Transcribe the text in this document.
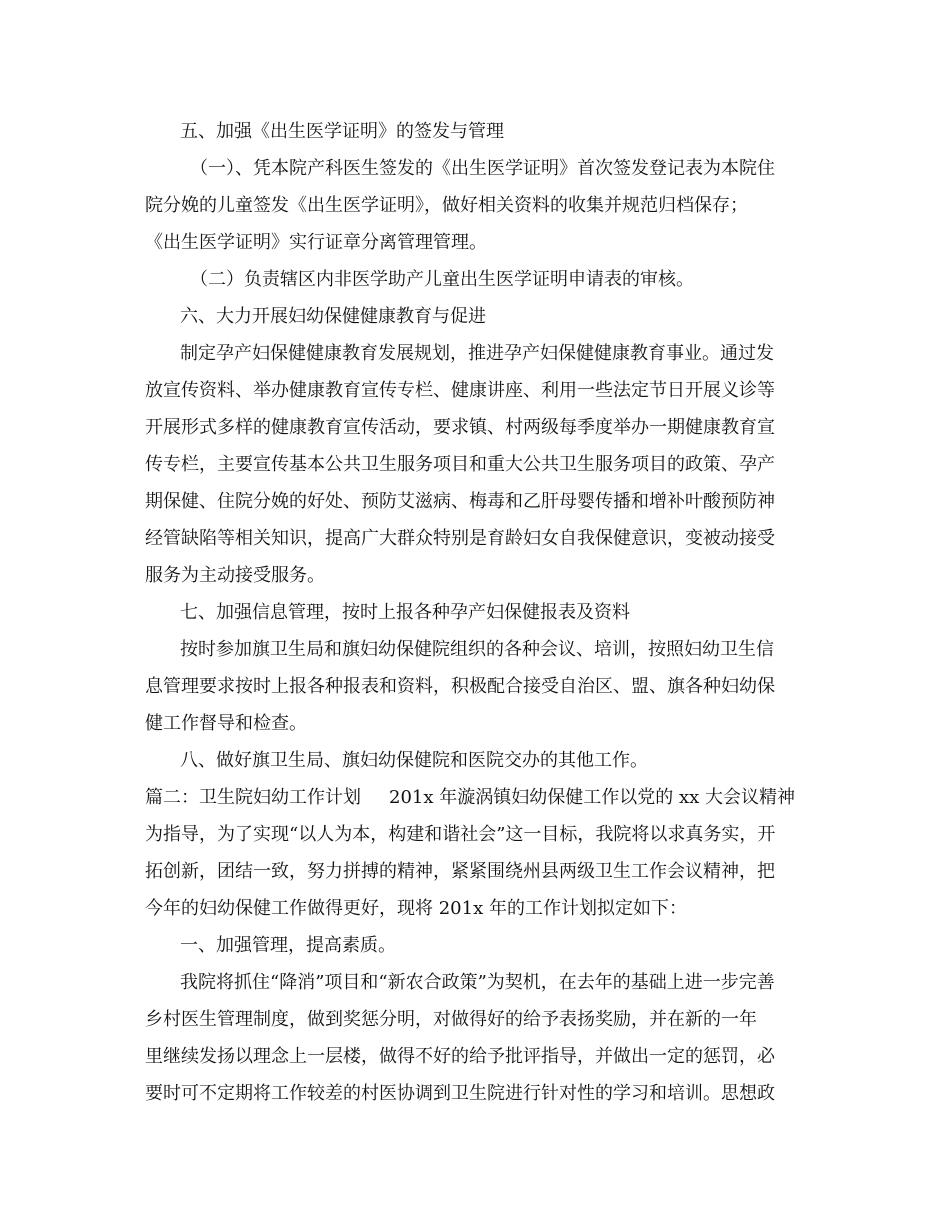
五、加强《出生医学证明》的签发与管理
（一）、凭本院产科医生签发的《出生医学证明》首次签发登记表为本院住
院分娩的儿童签发《出生医学证明》，做好相关资料的收集并规范归档保存；
《出生医学证明》实行证章分离管理管理。
（二）负责辖区内非医学助产儿童出生医学证明申请表的审核。
六、大力开展妇幼保健健康教育与促进
制定孕产妇保健健康教育发展规划，推进孕产妇保健健康教育事业。通过发
放宣传资料、举办健康教育宣传专栏、健康讲座、利用一些法定节日开展义诊等
开展形式多样的健康教育宣传活动，要求镇、村两级每季度举办一期健康教育宣
传专栏，主要宣传基本公共卫生服务项目和重大公共卫生服务项目的政策、孕产
期保健、住院分娩的好处、预防艾滋病、梅毒和乙肝母婴传播和增补叶酸预防神
经管缺陷等相关知识，提高广大群众特别是育龄妇女自我保健意识，变被动接受
服务为主动接受服务。
七、加强信息管理，按时上报各种孕产妇保健报表及资料
按时参加旗卫生局和旗妇幼保健院组织的各种会议、培训，按照妇幼卫生信
息管理要求按时上报各种报表和资料，积极配合接受自治区、盟、旗各种妇幼保
健工作督导和检查。
八、做好旗卫生局、旗妇幼保健院和医院交办的其他工作。
篇二：卫生院妇幼工作计划 201x 年漩涡镇妇幼保健工作以党的 xx 大会议精神
为指导，为了实现“以人为本，构建和谐社会”这一目标，我院将以求真务实，开
拓创新，团结一致，努力拼搏的精神，紧紧围绕州县两级卫生工作会议精神，把
今年的妇幼保健工作做得更好，现将 201x 年的工作计划拟定如下：
一、加强管理，提高素质。
我院将抓住“降消”项目和“新农合政策”为契机，在去年的基础上进一步完善
乡村医生管理制度，做到奖惩分明，对做得好的给予表扬奖励，并在新的一年
里继续发扬以理念上一层楼，做得不好的给予批评指导，并做出一定的惩罚，必
要时可不定期将工作较差的村医协调到卫生院进行针对性的学习和培训。思想政
